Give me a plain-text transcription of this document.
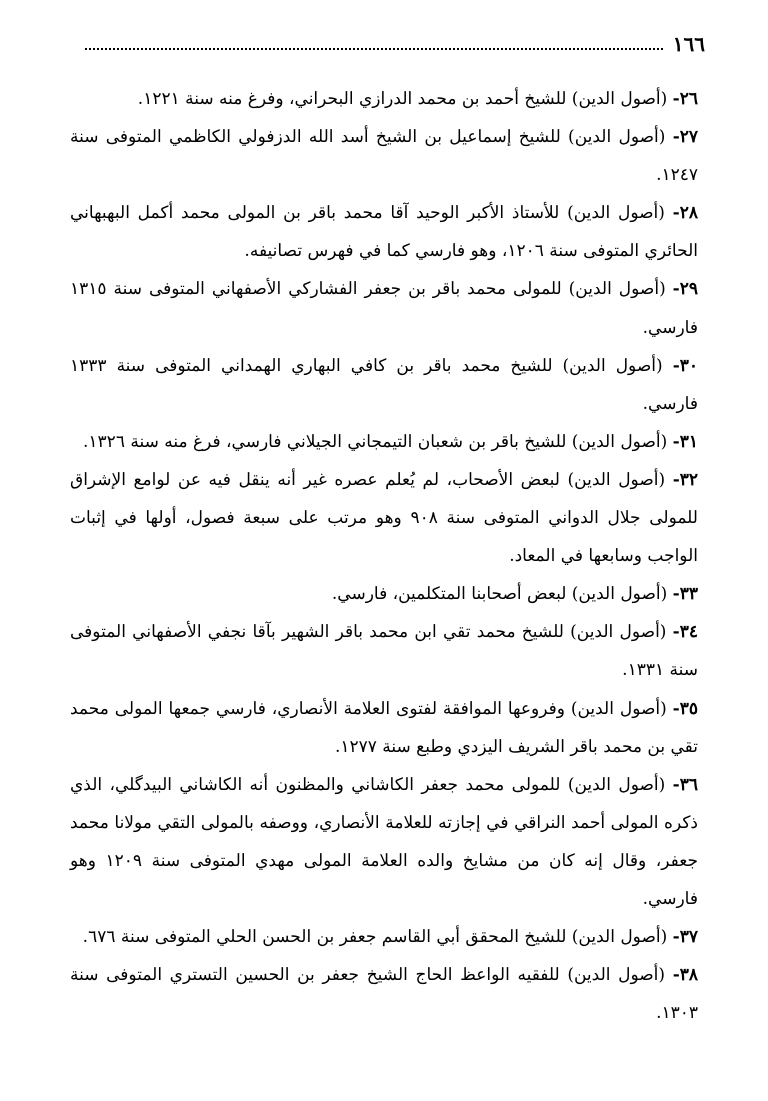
١٦٦

٢٦- (أصول الدين) للشيخ أحمد بن محمد الدرازي البحراني، وفرغ منه سنة ١٢٢١.

٢٧- (أصول الدين) للشيخ إسماعيل بن الشيخ أسد الله الدزفولي الكاظمي المتوفى سنة ١٢٤٧.

٢٨- (أصول الدين) للأستاذ الأكبر الوحيد آقا محمد باقر بن المولى محمد أكمل البهبهاني الحائري المتوفى سنة ١٢٠٦، وهو فارسي كما في فهرس تصانيفه.

٢٩- (أصول الدين) للمولى محمد باقر بن جعفر الفشاركي الأصفهاني المتوفى سنة ١٣١٥ فارسي.

٣٠- (أصول الدين) للشيخ محمد باقر بن كافي البهاري الهمداني المتوفى سنة ١٣٣٣ فارسي.

٣١- (أصول الدين) للشيخ باقر بن شعبان التيمجاني الجيلاني فارسي، فرغ منه سنة ١٣٢٦.

٣٢- (أصول الدين) لبعض الأصحاب، لم يُعلم عصره غير أنه ينقل فيه عن لوامع الإشراق للمولى جلال الدواني المتوفى سنة ٩٠٨ وهو مرتب على سبعة فصول، أولها في إثبات الواجب وسابعها في المعاد.

٣٣- (أصول الدين) لبعض أصحابنا المتكلمين، فارسي.

٣٤- (أصول الدين) للشيخ محمد تقي ابن محمد باقر الشهير بآقا نجفي الأصفهاني المتوفى سنة ١٣٣١.

٣٥- (أصول الدين) وفروعها الموافقة لفتوى العلامة الأنصاري، فارسي جمعها المولى محمد تقي بن محمد باقر الشريف اليزدي وطبع سنة ١٢٧٧.

٣٦- (أصول الدين) للمولى محمد جعفر الكاشاني والمظنون أنه الكاشاني البيدگلي، الذي ذكره المولى أحمد النراقي في إجازته للعلامة الأنصاري، ووصفه بالمولى التقي مولانا محمد جعفر، وقال إنه كان من مشايخ والده العلامة المولى مهدي المتوفى سنة ١٢٠٩ وهو فارسي.

٣٧- (أصول الدين) للشيخ المحقق أبي القاسم جعفر بن الحسن الحلي المتوفى سنة ٦٧٦.

٣٨- (أصول الدين) للفقيه الواعظ الحاج الشيخ جعفر بن الحسين التستري المتوفى سنة ١٣٠٣.
